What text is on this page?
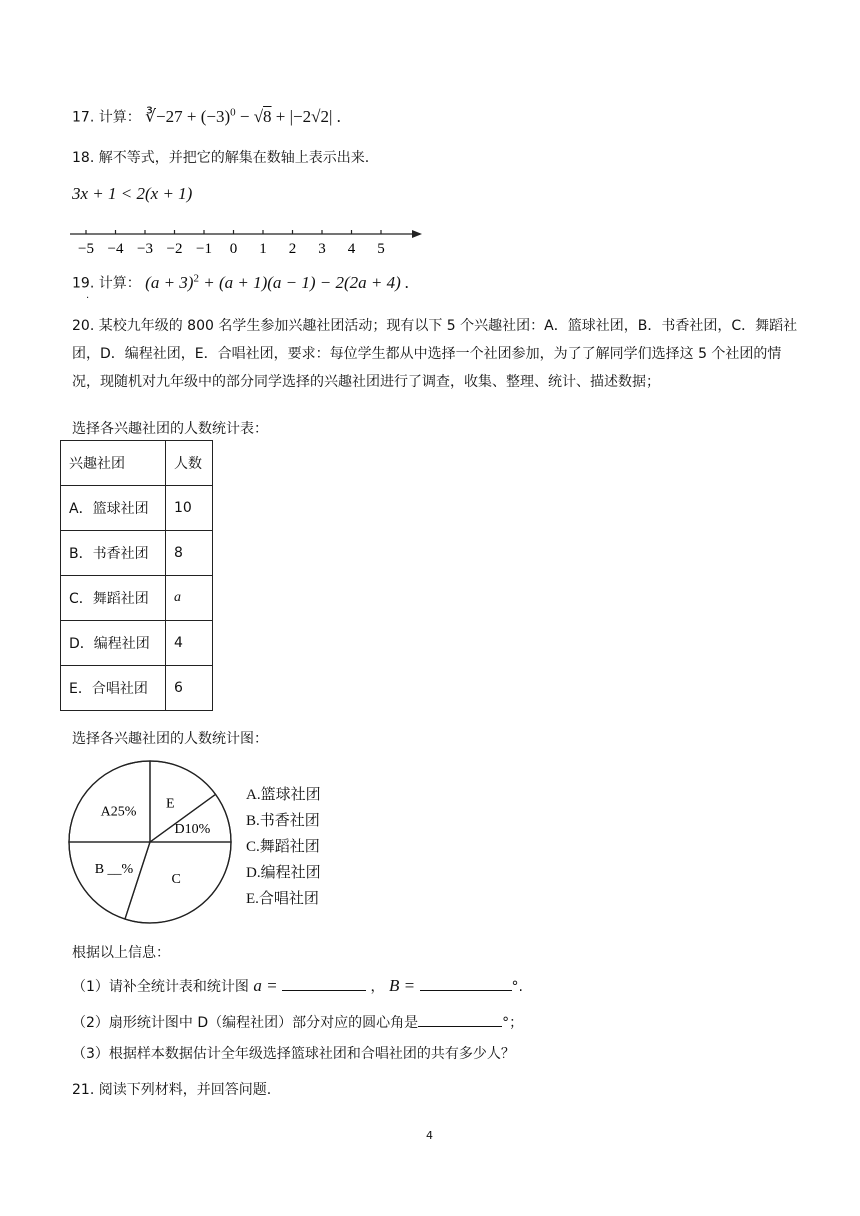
17. 计算： ∛−27 + $(-3)^0 - √8 + |-2√2|$ .
18. 解不等式，并把它的解集在数轴上表示出来.
3x + 1 < 2(x + 1)
−5 −4 −3 −2 −1 0 1 2 3 4 5
19. 计算： $(a + 3)^2 + (a + 1)(a - 1) - 2(2a + 4)$ .
.
20. 某校九年级的 800 名学生参加兴趣社团活动；现有以下 5 个兴趣社团：A．篮球社团，B．书香社团，C．舞蹈社团，D．编程社团，E．合唱社团，要求：每位学生都从中选择一个社团参加，为了了解同学们选择这 5 个社团的情况，现随机对九年级中的部分同学选择的兴趣社团进行了调查，收集、整理、统计、描述数据；
选择各兴趣社团的人数统计表：
兴趣社团	人数
A．篮球社团	10
B．书香社团	8
C．舞蹈社团	a
D．编程社团	4
E．合唱社团	6
选择各兴趣社团的人数统计图：
E
D10%
C
B __%
A25%
A.篮球社团
B.书香社团
C.舞蹈社团
D.编程社团
E.合唱社团
根据以上信息：
（1）请补全统计表和统计图 a =	， B =	°.
（2）扇形统计图中 D（编程社团）部分对应的圆心角是	°；
（3）根据样本数据估计全年级选择篮球社团和合唱社团的共有多少人？
21. 阅读下列材料，并回答问题.
4
